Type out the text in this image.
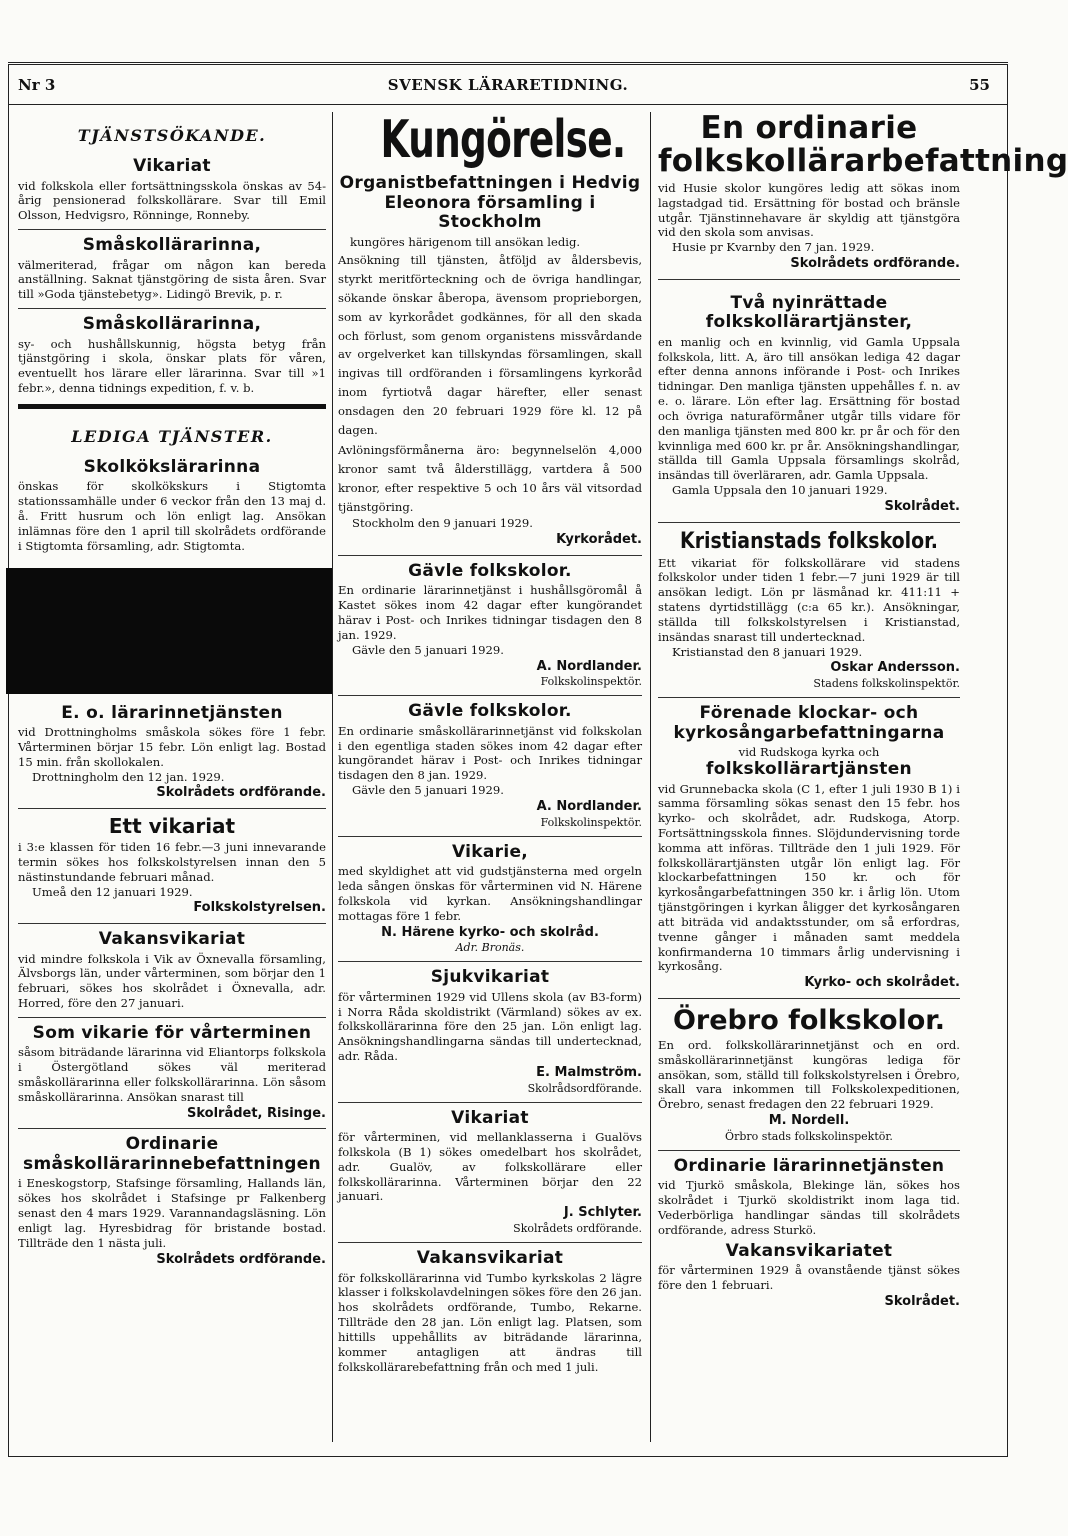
Nr 3	SVENSK LÄRARETIDNING.	55
TJÄNSTSÖKANDE.
Vikariat

vid folkskola eller fortsättningsskola önskas av 54-årig pensionerad folkskollärare. Svar till Emil Olsson, Hedvigsro, Rönninge, Ronneby.

Småskollärarinna,

välmeriterad, frågar om någon kan bereda anställning. Saknat tjänstgöring de sista åren. Svar till »Goda tjänstebetyg». Lidingö Brevik, p. r.

Småskollärarinna,

sy- och hushållskunnig, högsta betyg från tjänstgöring i skola, önskar plats för våren, eventuellt hos lärare eller lärarinna. Svar till »1 febr.», denna tidnings expedition, f. v. b.

LEDIGA TJÄNSTER.
Skolkökslärarinna

önskas för skolkökskurs i Stigtomta stationssamhälle under 6 veckor från den 13 maj d. å. Fritt husrum och lön enligt lag. Ansökan inlämnas före den 1 april till skolrådets ordförande i Stigtomta församling, adr. Stigtomta.

E. o. lärarinnetjänsten

vid Drottningholms småskola sökes före 1 febr. Vårterminen börjar 15 febr. Lön enligt lag. Bostad 15 min. från skollokalen.

Drottningholm den 12 jan. 1929.

Skolrådets ordförande.

Ett vikariat

i 3:e klassen för tiden 16 febr.—3 juni innevarande termin sökes hos folkskolstyrelsen innan den 5 nästinstundande februari månad.

Umeå den 12 januari 1929.

Folkskolstyrelsen.

Vakansvikariat

vid mindre folkskola i Vik av Öxnevalla församling, Älvsborgs län, under vårterminen, som börjar den 1 februari, sökes hos skolrådet i Öxnevalla, adr. Horred, före den 27 januari.

Som vikarie för vårterminen

såsom biträdande lärarinna vid Eliantorps folkskola i Östergötland sökes väl meriterad småskollärarinna eller folkskollärarinna. Lön såsom småskollärarinna. Ansökan snarast till

Skolrådet, Risinge.

Ordinarie småskollärarinnebefattningen

i Eneskogstorp, Stafsinge församling, Hallands län, sökes hos skolrådet i Stafsinge pr Falkenberg senast den 4 mars 1929. Varannandagsläsning. Lön enligt lag. Hyresbidrag för bristande bostad. Tillträde den 1 nästa juli.

Skolrådets ordförande.

Kungörelse.
Organistbefattningen i Hedvig Eleonora församling i Stockholm

kungöres härigenom till ansökan ledig.

Ansökning till tjänsten, åtföljd av åldersbevis, styrkt meritförteckning och de övriga handlingar, sökande önskar åberopa, ävensom proprieborgen, som av kyrkorådet godkännes, för all den skada och förlust, som genom organistens missvårdande av orgelverket kan tillskyndas församlingen, skall ingivas till ordföranden i församlingens kyrkoråd inom fyrtiotvå dagar härefter, eller senast onsdagen den 20 februari 1929 före kl. 12 på dagen.

Avlöningsförmånerna äro: begynnelselön 4,000 kronor samt två ålderstillägg, vartdera å 500 kronor, efter respektive 5 och 10 års väl vitsordad tjänstgöring.

Stockholm den 9 januari 1929.

Kyrkorådet.

Gävle folkskolor.

En ordinarie lärarinnetjänst i hushållsgöromål å Kastet sökes inom 42 dagar efter kungörandet härav i Post- och Inrikes tidningar tisdagen den 8 jan. 1929.

Gävle den 5 januari 1929.

A. Nordlander.

Folkskolinspektör.

Gävle folkskolor.

En ordinarie småskollärarinnetjänst vid folkskolan i den egentliga staden sökes inom 42 dagar efter kungörandet härav i Post- och Inrikes tidningar tisdagen den 8 jan. 1929.

Gävle den 5 januari 1929.

A. Nordlander.

Folkskolinspektör.

Vikarie,

med skyldighet att vid gudstjänsterna med orgeln leda sången önskas för vårterminen vid N. Härene folkskola vid kyrkan. Ansökningshandlingar mottagas före 1 febr.

N. Härene kyrko- och skolråd.

Adr. Bronäs.

Sjukvikariat

för vårterminen 1929 vid Ullens skola (av B3-form) i Norra Råda skoldistrikt (Värmland) sökes av ex. folkskollärarinna före den 25 jan. Lön enligt lag. Ansökningshandlingarna sändas till undertecknad, adr. Råda.

E. Malmström.

Skolrådsordförande.

Vikariat

för vårterminen, vid mellanklasserna i Gualövs folkskola (B 1) sökes omedelbart hos skolrådet, adr. Gualöv, av folkskollärare eller folkskollärarinna. Vårterminen börjar den 22 januari.

J. Schlyter.

Skolrådets ordförande.

Vakansvikariat

för folkskollärarinna vid Tumbo kyrkskolas 2 lägre klasser i folkskolavdelningen sökes före den 26 jan. hos skolrådets ordförande, Tumbo, Rekarne. Tillträde den 28 jan. Lön enligt lag. Platsen, som hittills uppehållits av biträdande lärarinna, kommer antagligen att ändras till folkskollärarebefattning från och med 1 juli.

En ordinarie folkskollärarbefattning

vid Husie skolor kungöres ledig att sökas inom lagstadgad tid. Ersättning för bostad och bränsle utgår. Tjänstinnehavare är skyldig att tjänstgöra vid den skola som anvisas.

Husie pr Kvarnby den 7 jan. 1929.

Skolrådets ordförande.

Två nyinrättade folkskollärartjänster,

en manlig och en kvinnlig, vid Gamla Uppsala folkskola, litt. A, äro till ansökan lediga 42 dagar efter denna annons införande i Post- och Inrikes tidningar. Den manliga tjänsten uppehålles f. n. av e. o. lärare. Lön efter lag. Ersättning för bostad och övriga naturaförmåner utgår tills vidare för den manliga tjänsten med 800 kr. pr år och för den kvinnliga med 600 kr. pr år. Ansökningshandlingar, ställda till Gamla Uppsala församlings skolråd, insändas till överläraren, adr. Gamla Uppsala.

Gamla Uppsala den 10 januari 1929.

Skolrådet.

Kristianstads folkskolor.

Ett vikariat för folkskollärare vid stadens folkskolor under tiden 1 febr.—7 juni 1929 är till ansökan ledigt. Lön pr läsmånad kr. 411:11 + statens dyrtidstillägg (c:a 65 kr.). Ansökningar, ställda till folkskolstyrelsen i Kristianstad, insändas snarast till undertecknad.

Kristianstad den 8 januari 1929.

Oskar Andersson.

Stadens folkskolinspektör.

Förenade klockar- och kyrkosångarbefattningarna

vid Rudskoga kyrka och

folkskollärartjänsten

vid Grunnebacka skola (C 1, efter 1 juli 1930 B 1) i samma församling sökas senast den 15 febr. hos kyrko- och skolrådet, adr. Rudskoga, Atorp. Fortsättningsskola finnes. Slöjdundervisning torde komma att införas. Tillträde den 1 juli 1929. För folkskollärartjänsten utgår lön enligt lag. För klockarbefattningen 150 kr. och för kyrkosångarbefattningen 350 kr. i årlig lön. Utom tjänstgöringen i kyrkan åligger det kyrkosångaren att biträda vid andaktsstunder, om så erfordras, tvenne gånger i månaden samt meddela konfirmanderna 10 timmars årlig undervisning i kyrkosång.

Kyrko- och skolrådet.

Örebro folkskolor.

En ord. folkskollärarinnetjänst och en ord. småskollärarinnetjänst kungöras lediga för ansökan, som, ställd till folkskolstyrelsen i Örebro, skall vara inkommen till Folkskolexpeditionen, Örebro, senast fredagen den 22 februari 1929.

M. Nordell.

Örbro stads folkskolinspektör.

Ordinarie lärarinnetjänsten

vid Tjurkö småskola, Blekinge län, sökes hos skolrådet i Tjurkö skoldistrikt inom laga tid. Vederbörliga handlingar sändas till skolrådets ordförande, adress Sturkö.

Vakansvikariatet

för vårterminen 1929 å ovanstående tjänst sökes före den 1 februari.

Skolrådet.
